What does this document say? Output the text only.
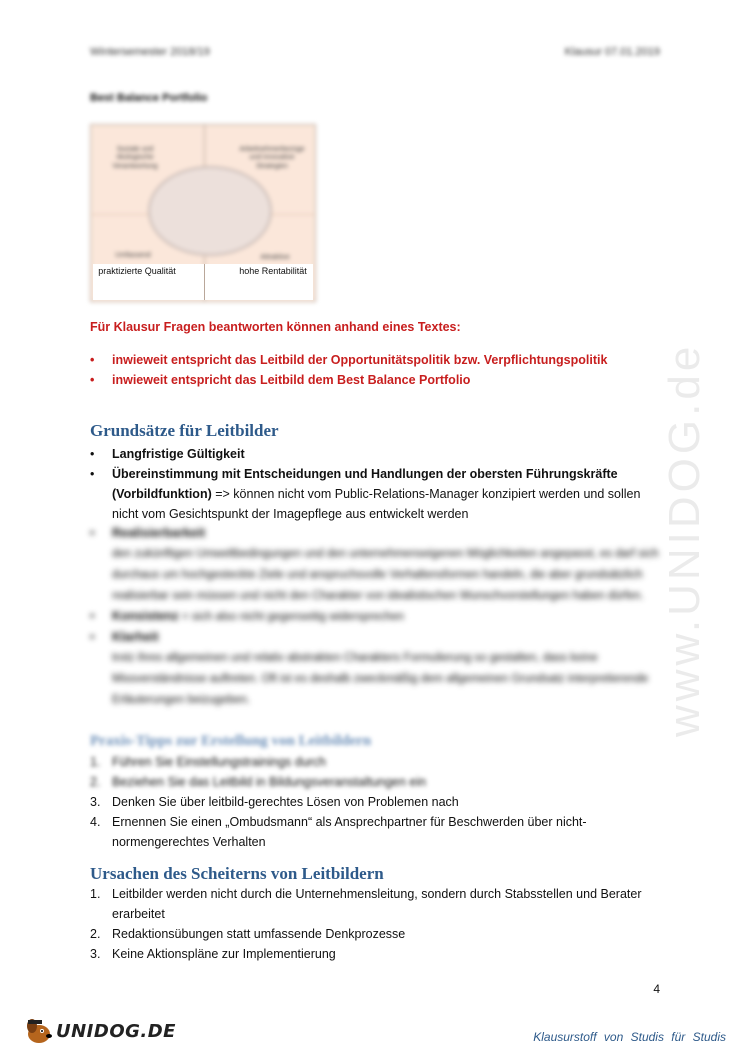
Wintersemester 2018/19	Klausur 07.01.2019
Best Balance Portfolio
Soziale und ökologische Verantwortung
Arbeitnehmerbezüge und innovative Strategien
Umfassend	Attraktive
praktizierte Qualität	hohe Rentabilität
Für Klausur Fragen beantworten können anhand eines Textes:
• inwieweit entspricht das Leitbild der Opportunitätspolitik bzw. Verpflichtungspolitik
• inwieweit entspricht das Leitbild dem Best Balance Portfolio
Grundsätze für Leitbilder
• Langfristige Gültigkeit
• Übereinstimmung mit Entscheidungen und Handlungen der obersten Führungskräfte (Vorbildfunktion) => können nicht vom Public-Relations-Manager konzipiert werden und sollen nicht vom Gesichtspunkt der Imagepflege aus entwickelt werden
• Realisierbarkeit
den zukünftigen Umweltbedingungen und den unternehmenseigenen Möglichkeiten angepasst, es darf sich durchaus um hochgesteckte Ziele und anspruchsvolle Verhaltensformen handeln, die aber grundsätzlich realisierbar sein müssen und nicht den Charakter von idealistischen Wunschvorstellungen haben dürfen.
• Konsistenz = sich also nicht gegenseitig widersprechen
• Klarheit
trotz ihres allgemeinen und relativ abstrakten Charakters Formulierung so gestalten, dass keine Missverständnisse auftreten. Oft ist es deshalb zweckmäßig dem allgemeinen Grundsatz interpretierende Erläuterungen beizugeben.
Praxis-Tipps zur Erstellung von Leitbildern
1. Führen Sie Einstellungstrainings durch
2. Beziehen Sie das Leitbild in Bildungsveranstaltungen ein
3. Denken Sie über leitbild-gerechtes Lösen von Problemen nach
4. Ernennen Sie einen „Ombudsmann“ als Ansprechpartner für Beschwerden über nicht-normengerechtes Verhalten
Ursachen des Scheiterns von Leitbildern
1. Leitbilder werden nicht durch die Unternehmensleitung, sondern durch Stabsstellen und Berater erarbeitet
2. Redaktionsübungen statt umfassende Denkprozesse
3. Keine Aktionspläne zur Implementierung
www.UNIDOG.de
4
UNIDOG.DE	Klausurstoff von Studis für Studis
